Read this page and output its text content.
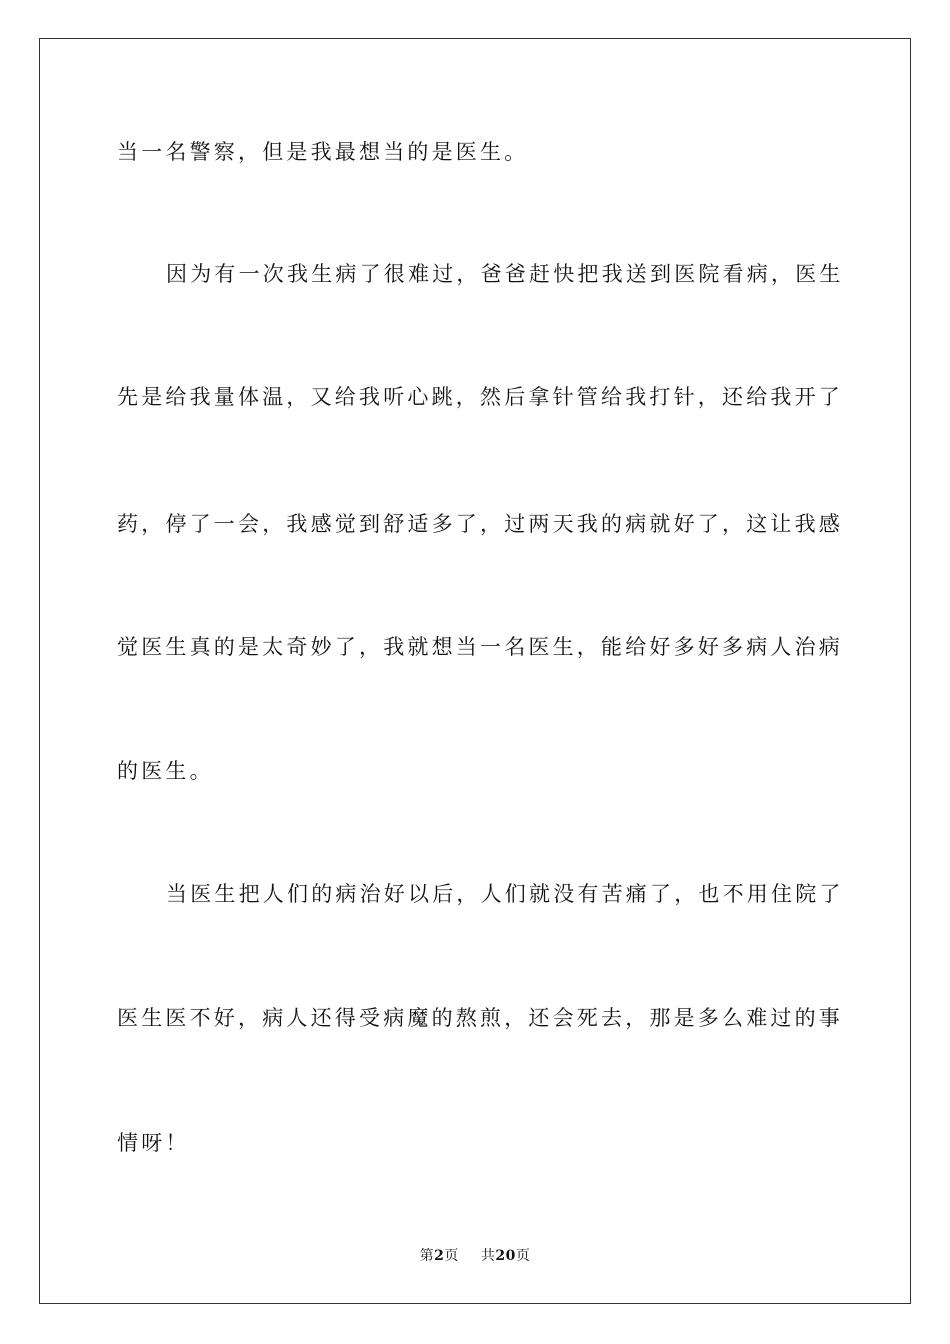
当一名警察，但是我最想当的是医生。
因为有一次我生病了很难过，爸爸赶快把我送到医院看病，医生
先是给我量体温，又给我听心跳，然后拿针管给我打针，还给我开了
药，停了一会，我感觉到舒适多了，过两天我的病就好了，这让我感
觉医生真的是太奇妙了，我就想当一名医生，能给好多好多病人治病
的医生。
当医生把人们的病治好以后，人们就没有苦痛了，也不用住院了
医生医不好，病人还得受病魔的熬煎，还会死去，那是多么难过的事
情呀！
第2页 共20页
